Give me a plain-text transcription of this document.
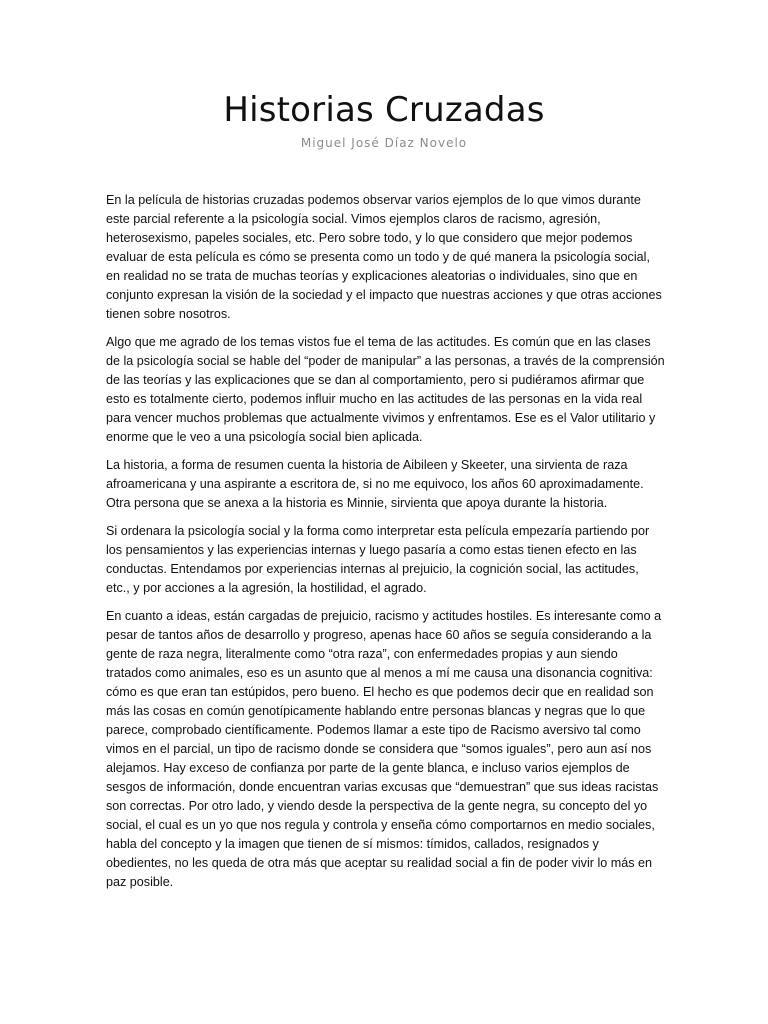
Historias Cruzadas
Miguel José Díaz Novelo

En la película de historias cruzadas podemos observar varios ejemplos de lo que vimos durante este parcial referente a la psicología social. Vimos ejemplos claros de racismo, agresión, heterosexismo, papeles sociales, etc. Pero sobre todo, y lo que considero que mejor podemos evaluar de esta película es cómo se presenta como un todo y de qué manera la psicología social, en realidad no se trata de muchas teorías y explicaciones aleatorias o individuales, sino que en conjunto expresan la visión de la sociedad y el impacto que nuestras acciones y que otras acciones tienen sobre nosotros.

Algo que me agrado de los temas vistos fue el tema de las actitudes. Es común que en las clases de la psicología social se hable del “poder de manipular” a las personas, a través de la comprensión de las teorías y las explicaciones que se dan al comportamiento, pero si pudiéramos afirmar que esto es totalmente cierto, podemos influir mucho en las actitudes de las personas en la vida real para vencer muchos problemas que actualmente vivimos y enfrentamos. Ese es el Valor utilitario y enorme que le veo a una psicología social bien aplicada.

La historia, a forma de resumen cuenta la historia de Aibileen y Skeeter, una sirvienta de raza afroamericana y una aspirante a escritora de, si no me equivoco, los años 60 aproximadamente. Otra persona que se anexa a la historia es Minnie, sirvienta que apoya durante la historia.

Si ordenara la psicología social y la forma como interpretar esta película empezaría partiendo por los pensamientos y las experiencias internas y luego pasaría a como estas tienen efecto en las conductas. Entendamos por experiencias internas al prejuicio, la cognición social, las actitudes, etc., y por acciones a la agresión, la hostilidad, el agrado.

En cuanto a ideas, están cargadas de prejuicio, racismo y actitudes hostiles. Es interesante como a pesar de tantos años de desarrollo y progreso, apenas hace 60 años se seguía considerando a la gente de raza negra, literalmente como “otra raza”, con enfermedades propias y aun siendo tratados como animales, eso es un asunto que al menos a mí me causa una disonancia cognitiva: cómo es que eran tan estúpidos, pero bueno. El hecho es que podemos decir que en realidad son más las cosas en común genotípicamente hablando entre personas blancas y negras que lo que parece, comprobado científicamente. Podemos llamar a este tipo de Racismo aversivo tal como vimos en el parcial, un tipo de racismo donde se considera que “somos iguales”, pero aun así nos alejamos. Hay exceso de confianza por parte de la gente blanca, e incluso varios ejemplos de sesgos de información, donde encuentran varias excusas que “demuestran” que sus ideas racistas son correctas. Por otro lado, y viendo desde la perspectiva de la gente negra, su concepto del yo social, el cual es un yo que nos regula y controla y enseña cómo comportarnos en medio sociales, habla del concepto y la imagen que tienen de sí mismos: tímidos, callados, resignados y obedientes, no les queda de otra más que aceptar su realidad social a fin de poder vivir lo más en paz posible.
